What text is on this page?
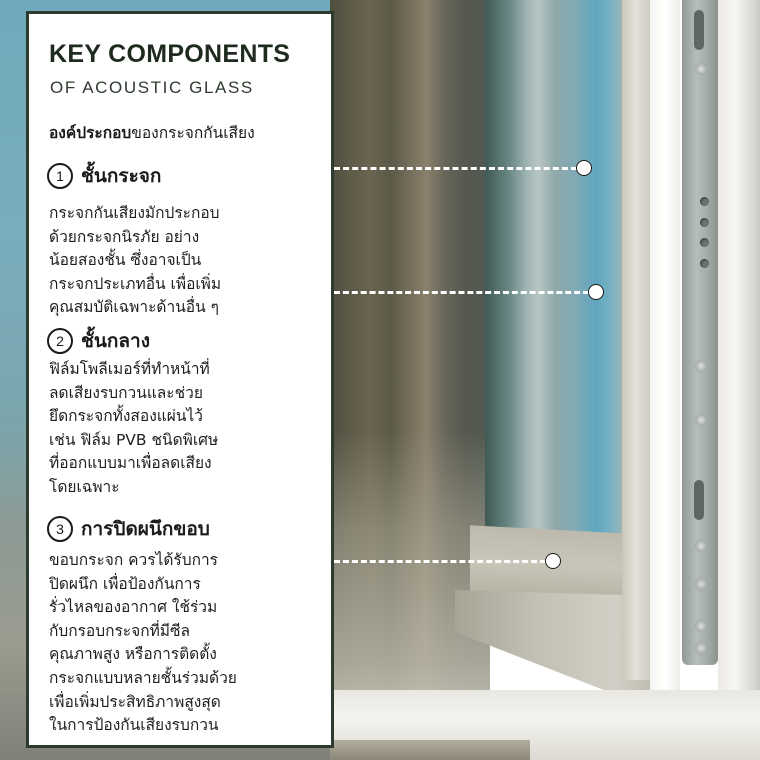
KEY COMPONENTS
OF ACOUSTIC GLASS
องค์ประกอบของกระจกกันเสียง
1 ชั้นกระจก
กระจกกันเสียงมักประกอบ
ด้วยกระจกนิรภัย อย่าง
น้อยสองชั้น ซึ่งอาจเป็น
กระจกประเภทอื่น เพื่อเพิ่ม
คุณสมบัติเฉพาะด้านอื่น ๆ
2 ชั้นกลาง
ฟิล์มโพลีเมอร์ที่ทำหน้าที่
ลดเสียงรบกวนและช่วย
ยึดกระจกทั้งสองแผ่นไว้
เช่น ฟิล์ม PVB ชนิดพิเศษ
ที่ออกแบบมาเพื่อลดเสียง
โดยเฉพาะ
3 การปิดผนึกขอบ
ขอบกระจก ควรได้รับการ
ปิดผนึก เพื่อป้องกันการ
รั่วไหลของอากาศ ใช้ร่วม
กับกรอบกระจกที่มีซีล
คุณภาพสูง หรือการติดตั้ง
กระจกแบบหลายชั้นร่วมด้วย
เพื่อเพิ่มประสิทธิภาพสูงสุด
ในการป้องกันเสียงรบกวน
